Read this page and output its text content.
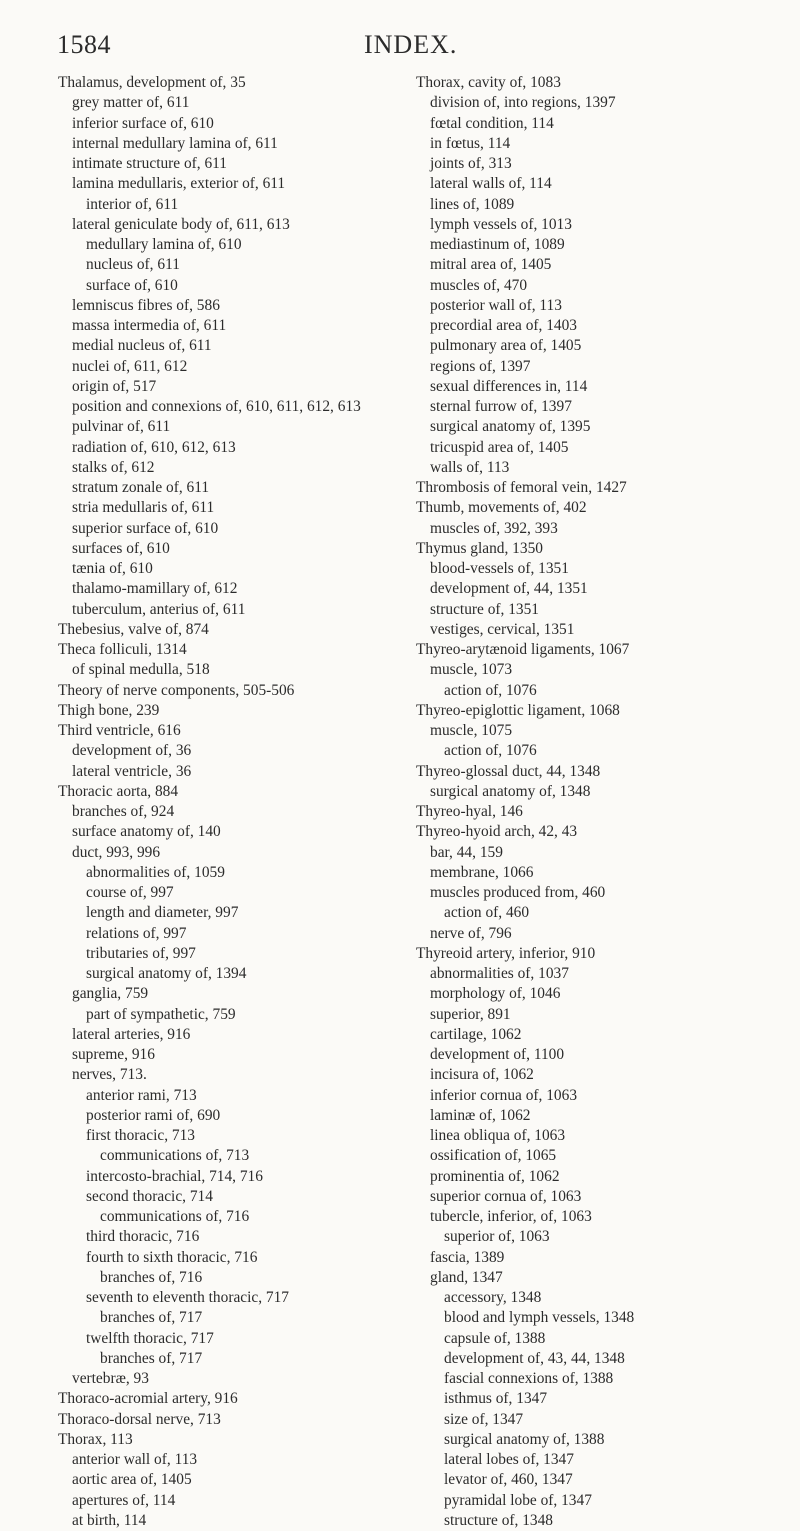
1584	INDEX.
Thalamus, development of, 35
grey matter of, 611
inferior surface of, 610
internal medullary lamina of, 611
intimate structure of, 611
lamina medullaris, exterior of, 611
interior of, 611
lateral geniculate body of, 611, 613
medullary lamina of, 610
nucleus of, 611
surface of, 610
lemniscus fibres of, 586
massa intermedia of, 611
medial nucleus of, 611
nuclei of, 611, 612
origin of, 517
position and connexions of, 610, 611, 612, 613
pulvinar of, 611
radiation of, 610, 612, 613
stalks of, 612
stratum zonale of, 611
stria medullaris of, 611
superior surface of, 610
surfaces of, 610
tænia of, 610
thalamo-mamillary of, 612
tuberculum, anterius of, 611
Thebesius, valve of, 874
Theca folliculi, 1314
of spinal medulla, 518
Theory of nerve components, 505-506
Thigh bone, 239
Third ventricle, 616
development of, 36
lateral ventricle, 36
Thoracic aorta, 884
branches of, 924
surface anatomy of, 140
duct, 993, 996
abnormalities of, 1059
course of, 997
length and diameter, 997
relations of, 997
tributaries of, 997
surgical anatomy of, 1394
ganglia, 759
part of sympathetic, 759
lateral arteries, 916
supreme, 916
nerves, 713.
anterior rami, 713
posterior rami of, 690
first thoracic, 713
communications of, 713
intercosto-brachial, 714, 716
second thoracic, 714
communications of, 716
third thoracic, 716
fourth to sixth thoracic, 716
branches of, 716
seventh to eleventh thoracic, 717
branches of, 717
twelfth thoracic, 717
branches of, 717
vertebræ, 93
Thoraco-acromial artery, 916
Thoraco-dorsal nerve, 713
Thorax, 113
anterior wall of, 113
aortic area of, 1405
apertures of, 114
at birth, 114
Thorax, cavity of, 1083
division of, into regions, 1397
fœtal condition, 114
in fœtus, 114
joints of, 313
lateral walls of, 114
lines of, 1089
lymph vessels of, 1013
mediastinum of, 1089
mitral area of, 1405
muscles of, 470
posterior wall of, 113
precordial area of, 1403
pulmonary area of, 1405
regions of, 1397
sexual differences in, 114
sternal furrow of, 1397
surgical anatomy of, 1395
tricuspid area of, 1405
walls of, 113
Thrombosis of femoral vein, 1427
Thumb, movements of, 402
muscles of, 392, 393
Thymus gland, 1350
blood-vessels of, 1351
development of, 44, 1351
structure of, 1351
vestiges, cervical, 1351
Thyreo-arytænoid ligaments, 1067
muscle, 1073
action of, 1076
Thyreo-epiglottic ligament, 1068
muscle, 1075
action of, 1076
Thyreo-glossal duct, 44, 1348
surgical anatomy of, 1348
Thyreo-hyal, 146
Thyreo-hyoid arch, 42, 43
bar, 44, 159
membrane, 1066
muscles produced from, 460
action of, 460
nerve of, 796
Thyreoid artery, inferior, 910
abnormalities of, 1037
morphology of, 1046
superior, 891
cartilage, 1062
development of, 1100
incisura of, 1062
inferior cornua of, 1063
laminæ of, 1062
linea obliqua of, 1063
ossification of, 1065
prominentia of, 1062
superior cornua of, 1063
tubercle, inferior, of, 1063
superior of, 1063
fascia, 1389
gland, 1347
accessory, 1348
blood and lymph vessels, 1348
capsule of, 1388
development of, 43, 44, 1348
fascial connexions of, 1388
isthmus of, 1347
size of, 1347
surgical anatomy of, 1388
lateral lobes of, 1347
levator of, 460, 1347
pyramidal lobe of, 1347
structure of, 1348
